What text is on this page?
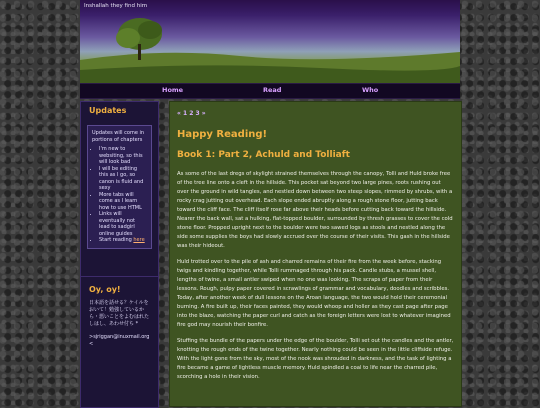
Inshallah they find him
Home	Read	Who
Updates
Updates will come in portions of chapters
• I'm new to websiting, so this will look bad
• I will be editing this as I go, so canon is fluid and sexy
• More tabs will come as I learn how to use HTML
• Links will eventually not lead to sadgirl online guides
• Start reading here
Oy, oy!
日本語を話せる？ケイルをおいて！勉強しているから・悪いことをよむはれたしはし、あわせ付ち *
>sjriggan@inuxmail.org <
« 1 2 3 »
Happy Reading!
Book 1: Part 2, Achuld and Tolliaft
As some of the last dregs of skylight strained themselves through the canopy, Tolli and Huld broke free of the tree line onto a cleft in the hillside. This pocket sat beyond two large pines, roots rushing out over the ground in wild tangles, and nestled down between two steep slopes, rimmed by shrubs, with a rocky crag jutting out overhead. Each slope ended abruptly along a rough stone floor, jutting back toward the cliff face. The cliff itself rose far above their heads before cutting back toward the hillside. Nearer the back wall, sat a hulking, flat-topped boulder, surrounded by thresh grasses to cover the cold stone floor. Propped upright next to the boulder were two sawed logs as stools and nestled along the side some supplies the boys had slowly accrued over the course of their visits. This gash in the hillside was their hideout.
Huld trotted over to the pile of ash and charred remains of their fire from the week before, stacking twigs and kindling together, while Tolli rummaged through his pack. Candle stubs, a mussel shell, lengths of twine, a small antler swiped when no one was looking. The scraps of paper from their lessons. Rough, pulpy paper covered in scrawlings of grammar and vocabulary, doodles and scribbles. Today, after another week of dull lessons on the Aroan language, the two would hold their ceremonial burning. A fire built up, their faces painted, they would whoop and holler as they cast page after page into the blaze, watching the paper curl and catch as the foreign letters were lost to whatever imagined fire god may nourish their bonfire.
Stuffing the bundle of the papers under the edge of the boulder, Tolli set out the candles and the antler, knotting the rough ends of the twine together. Nearly nothing could be seen in the little cliffside refuge. With the light gone from the sky, most of the nook was shrouded in darkness, and the task of lighting a fire became a game of lightless muscle memory. Huld spindled a coal to life near the charred pile, scorching a hole in their vision.
